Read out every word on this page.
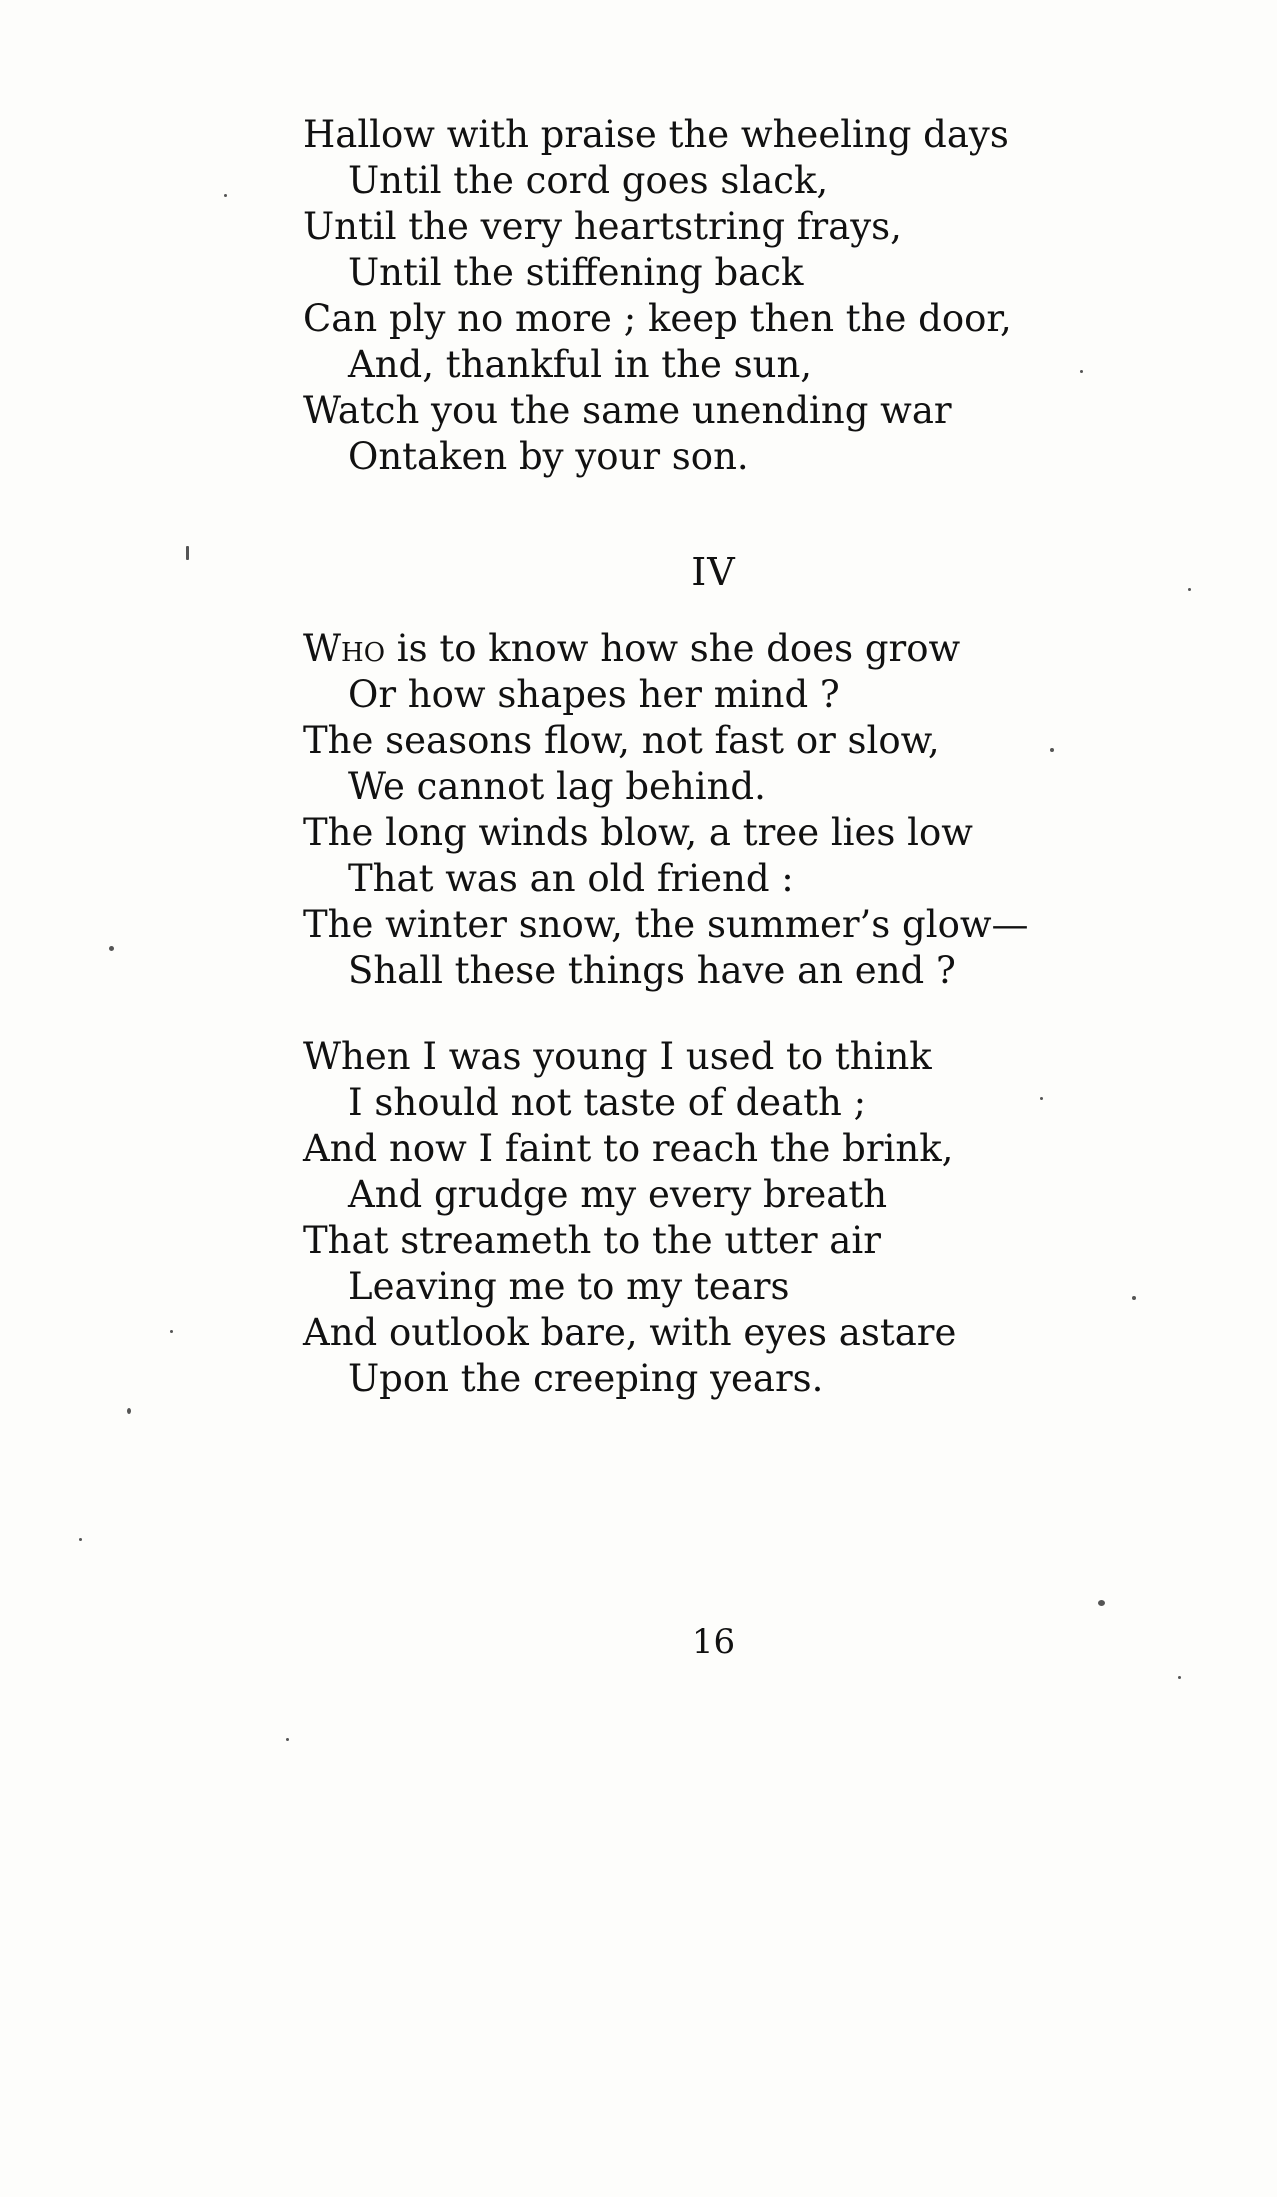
Hallow with praise the wheeling days
Until the cord goes slack,
Until the very heartstring frays,
Until the stiffening back
Can ply no more ; keep then the door,
And, thankful in the sun,
Watch you the same unending war
Ontaken by your son.
IV
Who is to know how she does grow
Or how shapes her mind ?
The seasons flow, not fast or slow,
We cannot lag behind.
The long winds blow, a tree lies low
That was an old friend :
The winter snow, the summer’s glow—
Shall these things have an end ?
When I was young I used to think
I should not taste of death ;
And now I faint to reach the brink,
And grudge my every breath
That streameth to the utter air
Leaving me to my tears
And outlook bare, with eyes astare
Upon the creeping years.
16
